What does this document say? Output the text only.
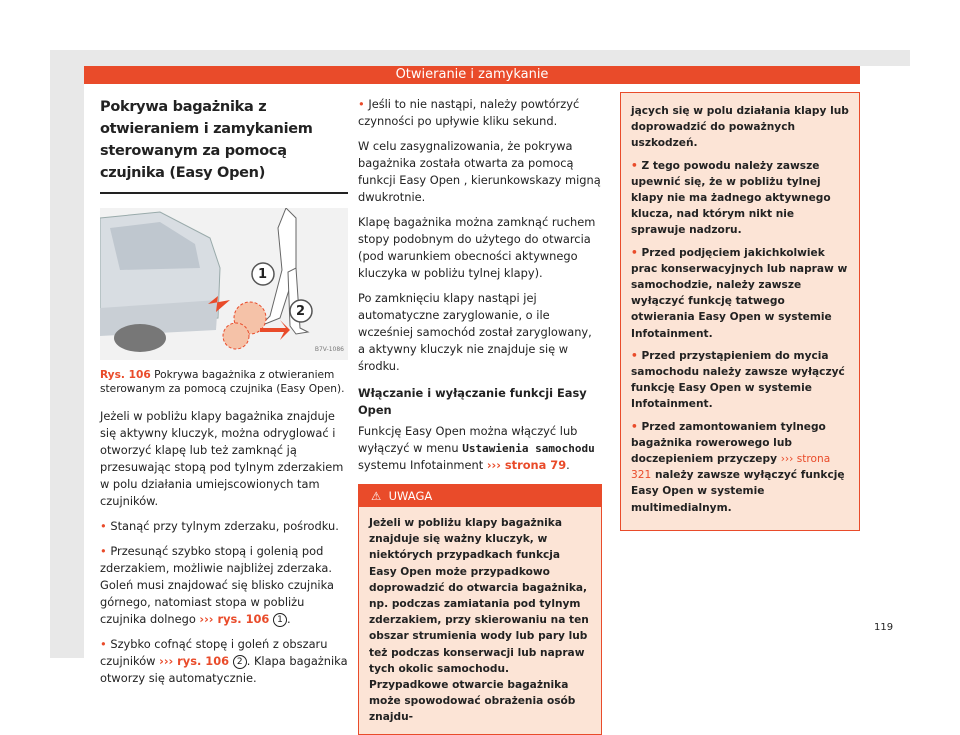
Otwieranie i zamykanie
Pokrywa bagażnika z otwieraniem i zamykaniem sterowanym za pomocą czujnika (Easy Open)
1
2
B7V-1086
Rys. 106 Pokrywa bagażnika z otwieraniem sterowanym za pomocą czujnika (Easy Open).

Jeżeli w pobliżu klapy bagażnika znajduje się aktywny kluczyk, można odryglować i otworzyć klapę lub też zamknąć ją przesuwając stopą pod tylnym zderzakiem w polu działania umiejscowionych tam czujników.

• Stanąć przy tylnym zderzaku, pośrodku.
• Przesunąć szybko stopą i golenią pod zderzakiem, możliwie najbliżej zderzaka. Goleń musi znajdować się blisko czujnika górnego, natomiast stopa w pobliżu czujnika dolnego ››› rys. 106 1 .
• Szybko cofnąć stopę i goleń z obszaru czujników ››› rys. 106 2 . Klapa bagażnika otworzy się automatycznie.
• Jeśli to nie nastąpi, należy powtórzyć czynności po upływie kliku sekund.

W celu zasygnalizowania, że pokrywa bagażnika została otwarta za pomocą funkcji Easy Open , kierunkowskazy migną dwukrotnie.

Klapę bagażnika można zamknąć ruchem stopy podobnym do użytego do otwarcia (pod warunkiem obecności aktywnego kluczyka w pobliżu tylnej klapy).

Po zamknięciu klapy nastąpi jej automatyczne zaryglowanie, o ile wcześniej samochód został zaryglowany, a aktywny kluczyk nie znajduje się w środku.

Włączanie i wyłączanie funkcji Easy Open

Funkcję Easy Open można włączyć lub wyłączyć w menu Ustawienia samochodu systemu Infotainment ››› strona 79.

⚠ UWAGA
Jeżeli w pobliżu klapy bagażnika znajduje się ważny kluczyk, w niektórych przypadkach funkcja Easy Open może przypadkowo doprowadzić do otwarcia bagażnika, np. podczas zamiatania pod tylnym zderzakiem, przy skierowaniu na ten obszar strumienia wody lub pary lub też podczas konserwacji lub napraw tych okolic samochodu. Przypadkowe otwarcie bagażnika może spowodować obrażenia osób znajdu-

jących się w polu działania klapy lub doprowadzić do poważnych uszkodzeń.

• Z tego powodu należy zawsze upewnić się, że w pobliżu tylnej klapy nie ma żadnego aktywnego klucza, nad którym nikt nie sprawuje nadzoru.

• Przed podjęciem jakichkolwiek prac konserwacyjnych lub napraw w samochodzie, należy zawsze wyłączyć funkcję tatwego otwierania Easy Open w systemie Infotainment.

• Przed przystąpieniem do mycia samochodu należy zawsze wyłączyć funkcję Easy Open w systemie Infotainment.

• Przed zamontowaniem tylnego bagażnika rowerowego lub doczepieniem przyczepy ››› strona 321 należy zawsze wyłączyć funkcję Easy Open w systemie multimedialnym.

119
